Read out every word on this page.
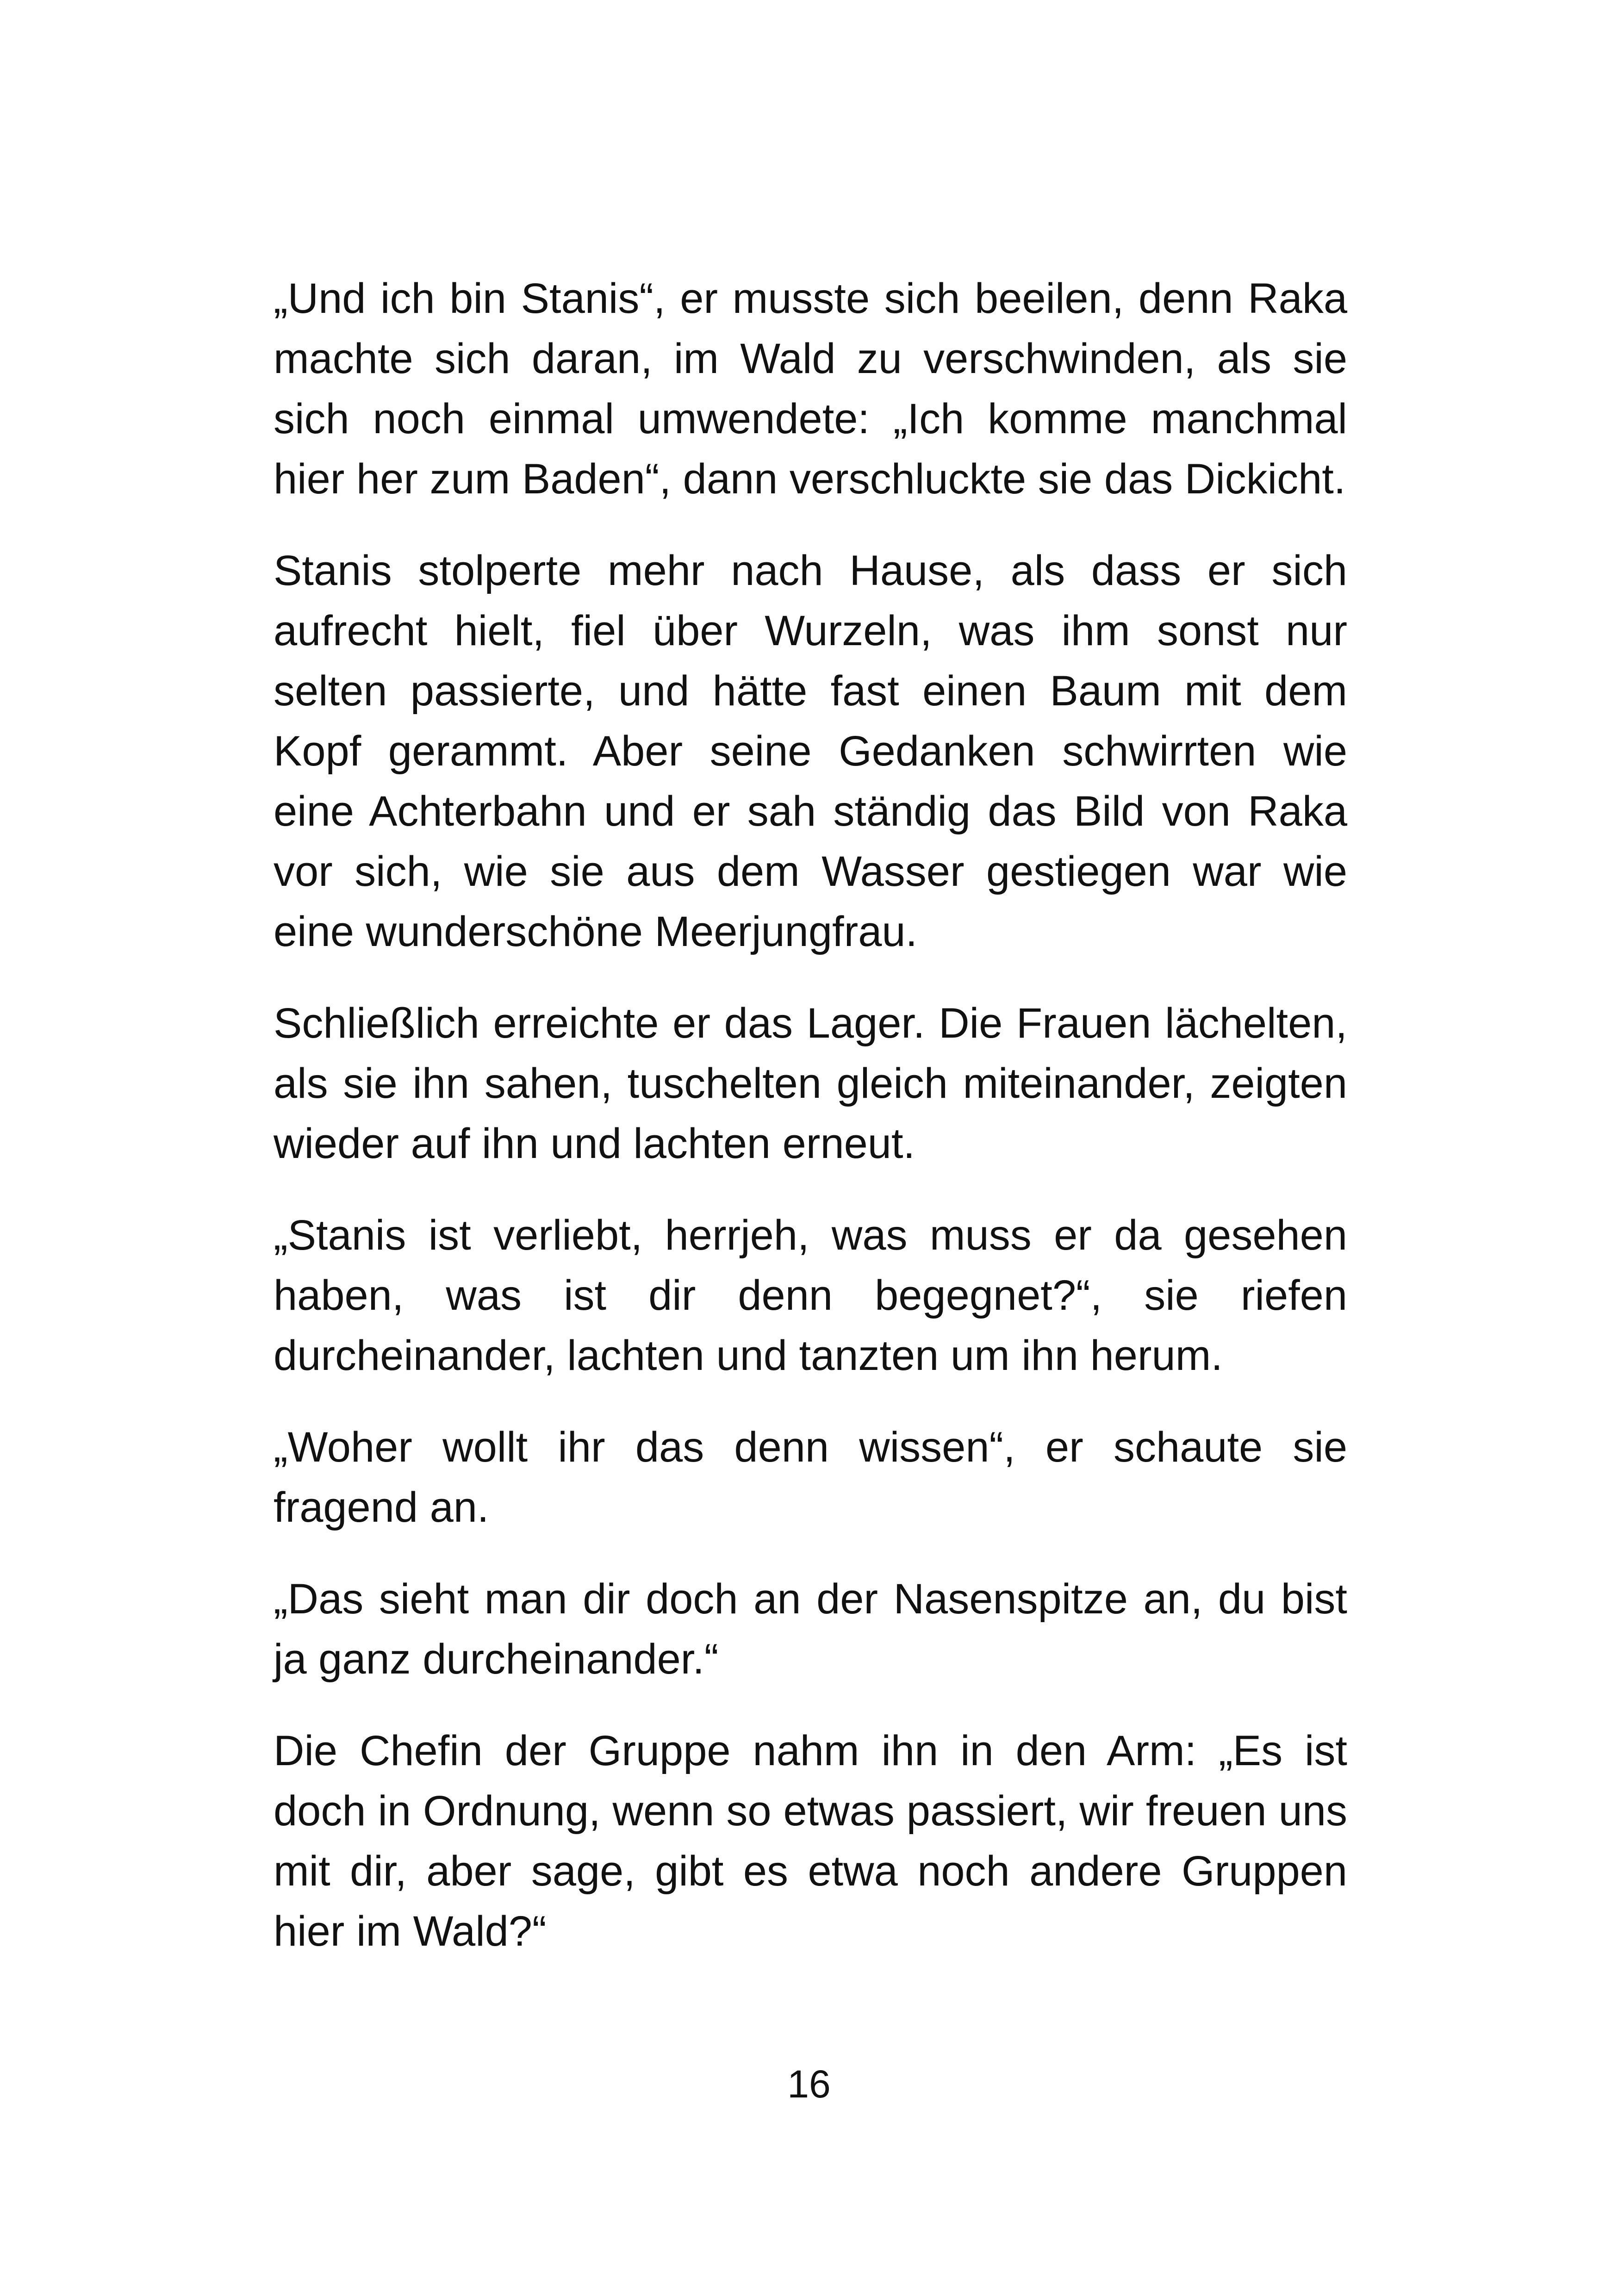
„Und ich bin Stanis“, er musste sich beeilen, denn Raka machte sich daran, im Wald zu verschwinden, als sie sich noch einmal umwendete: „Ich komme manchmal hier her zum Baden“, dann verschluckte sie das Dickicht.

Stanis stolperte mehr nach Hause, als dass er sich aufrecht hielt, fiel über Wurzeln, was ihm sonst nur selten passierte, und hätte fast einen Baum mit dem Kopf gerammt. Aber seine Gedanken schwirrten wie eine Achterbahn und er sah ständig das Bild von Raka vor sich, wie sie aus dem Wasser gestiegen war wie eine wunderschöne Meerjungfrau.

Schließlich erreichte er das Lager. Die Frauen lächelten, als sie ihn sahen, tuschelten gleich miteinander, zeigten wieder auf ihn und lachten erneut.

„Stanis ist verliebt, herrjeh, was muss er da gesehen haben, was ist dir denn begegnet?“, sie riefen durcheinander, lachten und tanzten um ihn herum.

„Woher wollt ihr das denn wissen“, er schaute sie fragend an.

„Das sieht man dir doch an der Nasenspitze an, du bist ja ganz durcheinander.“

Die Chefin der Gruppe nahm ihn in den Arm: „Es ist doch in Ordnung, wenn so etwas passiert, wir freuen uns mit dir, aber sage, gibt es etwa noch andere Gruppen hier im Wald?“

16
